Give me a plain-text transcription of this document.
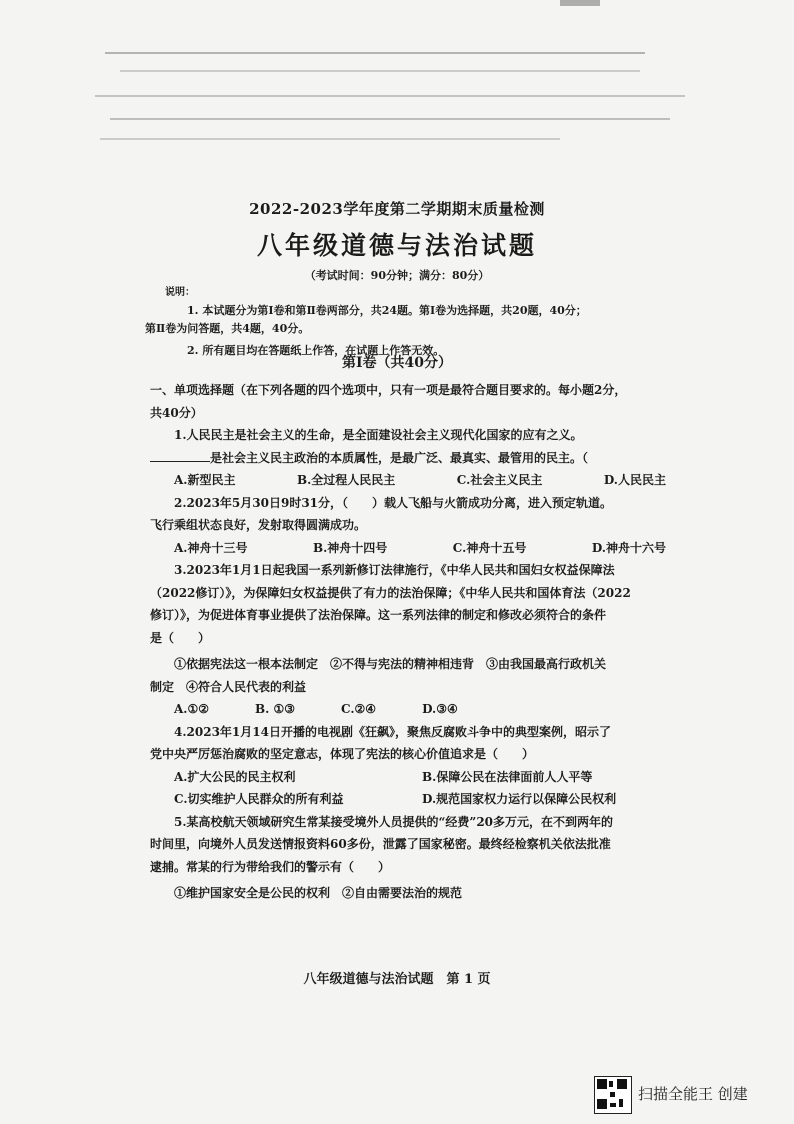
2022-2023学年度第二学期期末质量检测
八年级道德与法治试题
（考试时间：90分钟；满分：80分）
说明：
1. 本试题分为第Ⅰ卷和第Ⅱ卷两部分，共24题。第Ⅰ卷为选择题，共20题，40分；
第Ⅱ卷为问答题，共4题，40分。
2. 所有题目均在答题纸上作答，在试题上作答无效。
第Ⅰ卷（共40分）

一、单项选择题（在下列各题的四个选项中，只有一项是最符合题目要求的。每小题2分，

共40分）

1.人民民主是社会主义的生命，是全面建设社会主义现代化国家的应有之义。

是社会主义民主政治的本质属性，是最广泛、最真实、最管用的民主。（

A.新型民主	B.全过程人民民主	C.社会主义民主	D.人民民主

2.2023年5月30日9时31分，（　　）载人飞船与火箭成功分离，进入预定轨道。

飞行乘组状态良好，发射取得圆满成功。

A.神舟十三号	B.神舟十四号	C.神舟十五号	D.神舟十六号

3.2023年1月1日起我国一系列新修订法律施行，《中华人民共和国妇女权益保障法

（2022修订）》，为保障妇女权益提供了有力的法治保障；《中华人民共和国体育法（2022

修订）》，为促进体育事业提供了法治保障。这一系列法律的制定和修改必须符合的条件

是（　　）

①依据宪法这一根本法制定　②不得与宪法的精神相违背　③由我国最高行政机关

制定　④符合人民代表的利益

A.①②	B. ①③	C.②④	D.③④

4.2023年1月14日开播的电视剧《狂飙》，聚焦反腐败斗争中的典型案例，昭示了

党中央严厉惩治腐败的坚定意志，体现了宪法的核心价值追求是（　　）

A.扩大公民的民主权利	B.保障公民在法律面前人人平等
C.切实维护人民群众的所有利益	D.规范国家权力运行以保障公民权利

5.某高校航天领域研究生常某接受境外人员提供的“经费”20多万元，在不到两年的

时间里，向境外人员发送情报资料60多份，泄露了国家秘密。最终经检察机关依法批准

逮捕。常某的行为带给我们的警示有（　　）

①维护国家安全是公民的权利　②自由需要法治的规范

八年级道德与法治试题　第 1 页
扫描全能王 创建
